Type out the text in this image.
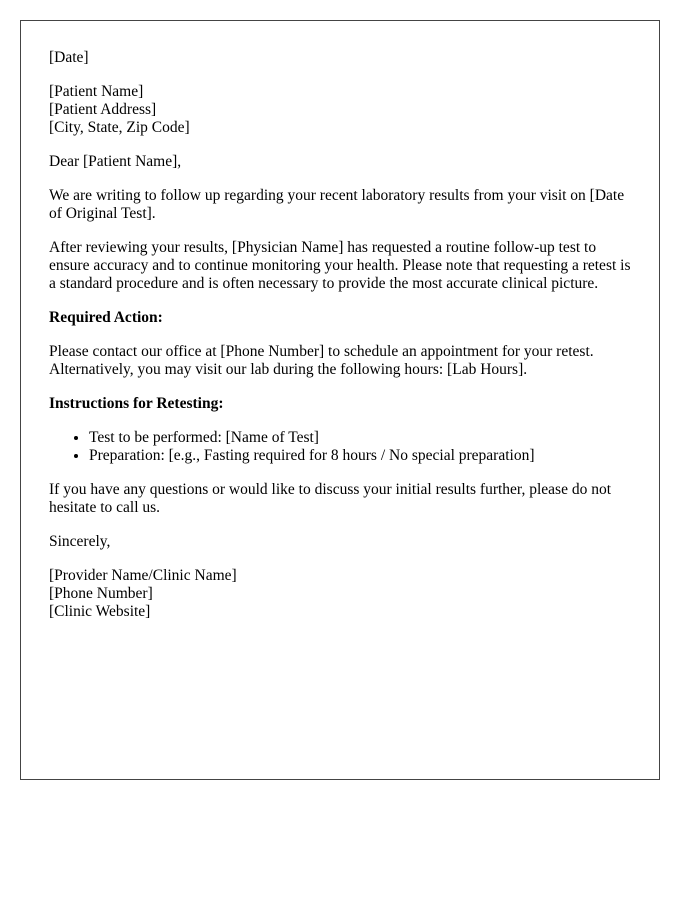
[Date]

[Patient Name]
[Patient Address]
[City, State, Zip Code]

Dear [Patient Name],

We are writing to follow up regarding your recent laboratory results from your visit on [Date of Original Test].

After reviewing your results, [Physician Name] has requested a routine follow-up test to ensure accuracy and to continue monitoring your health. Please note that requesting a retest is a standard procedure and is often necessary to provide the most accurate clinical picture.

Required Action:

Please contact our office at [Phone Number] to schedule an appointment for your retest. Alternatively, you may visit our lab during the following hours: [Lab Hours].

Instructions for Retesting:

• Test to be performed: [Name of Test]
• Preparation: [e.g., Fasting required for 8 hours / No special preparation]

If you have any questions or would like to discuss your initial results further, please do not hesitate to call us.

Sincerely,

[Provider Name/Clinic Name]
[Phone Number]
[Clinic Website]
